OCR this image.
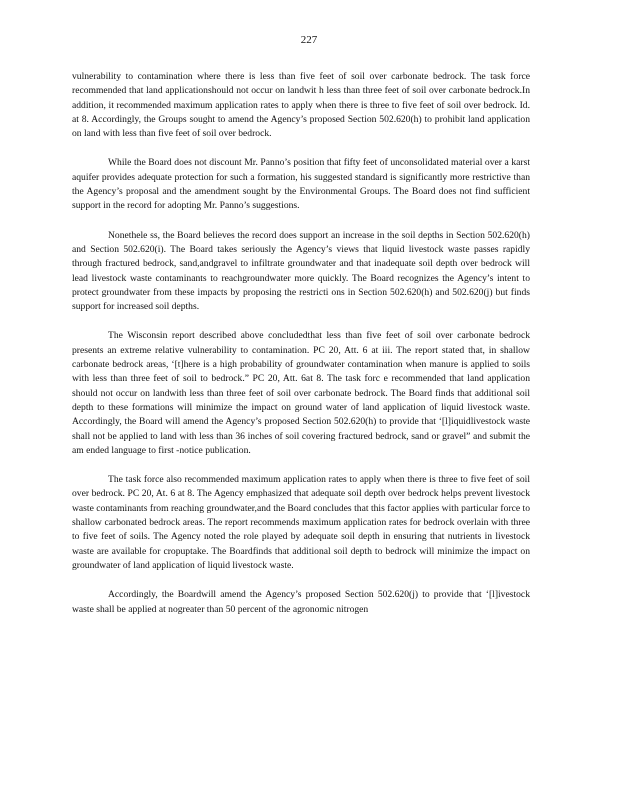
227

vulnerability to contamination where there is less than five feet of soil over carbonate bedrock. The task force recommended that land applicationshould not occur on landwit h less than three feet of soil over carbonate bedrock.In addition, it recommended maximum application rates to apply when there is three to five feet of soil over bedrock. Id. at 8. Accordingly, the Groups sought to amend the Agency’s proposed Section 502.620(h) to prohibit land application on land with less than five feet of soil over bedrock.

While the Board does not discount Mr. Panno’s position that fifty feet of unconsolidated material over a karst aquifer provides adequate protection for such a formation, his suggested standard is significantly more restrictive than the Agency’s proposal and the amendment sought by the Environmental Groups. The Board does not find sufficient support in the record for adopting Mr. Panno’s suggestions.

Nonethele ss, the Board believes the record does support an increase in the soil depths in Section 502.620(h) and Section 502.620(i). The Board takes seriously the Agency’s views that liquid livestock waste passes rapidly through fractured bedrock, sand,andgravel to infiltrate groundwater and that inadequate soil depth over bedrock will lead livestock waste contaminants to reachgroundwater more quickly. The Board recognizes the Agency’s intent to protect groundwater from these impacts by proposing the restricti ons in Section 502.620(h) and 502.620(j) but finds support for increased soil depths.

The Wisconsin report described above concludedthat less than five feet of soil over carbonate bedrock presents an extreme relative vulnerability to contamination. PC 20, Att. 6 at iii. The report stated that, in shallow carbonate bedrock areas, ‘[t]here is a high probability of groundwater contamination when manure is applied to soils with less than three feet of soil to bedrock.” PC 20, Att. 6at 8. The task forc e recommended that land application should not occur on landwith less than three feet of soil over carbonate bedrock. The Board finds that additional soil depth to these formations will minimize the impact on ground water of land application of liquid livestock waste. Accordingly, the Board will amend the Agency’s proposed Section 502.620(h) to provide that ‘[l]iquidlivestock waste shall not be applied to land with less than 36 inches of soil covering fractured bedrock, sand or gravel” and submit the am ended language to first -notice publication.

The task force also recommended maximum application rates to apply when there is three to five feet of soil over bedrock. PC 20, At. 6 at 8. The Agency emphasized that adequate soil depth over bedrock helps prevent livestock waste contaminants from reaching groundwater,and the Board concludes that this factor applies with particular force to shallow carbonated bedrock areas. The report recommends maximum application rates for bedrock overlain with three to five feet of soils. The Agency noted the role played by adequate soil depth in ensuring that nutrients in livestock waste are available for cropuptake. The Boardfinds that additional soil depth to bedrock will minimize the impact on groundwater of land application of liquid livestock waste.

Accordingly, the Boardwill amend the Agency’s proposed Section 502.620(j) to provide that ‘[l]ivestock waste shall be applied at nogreater than 50 percent of the agronomic nitrogen
